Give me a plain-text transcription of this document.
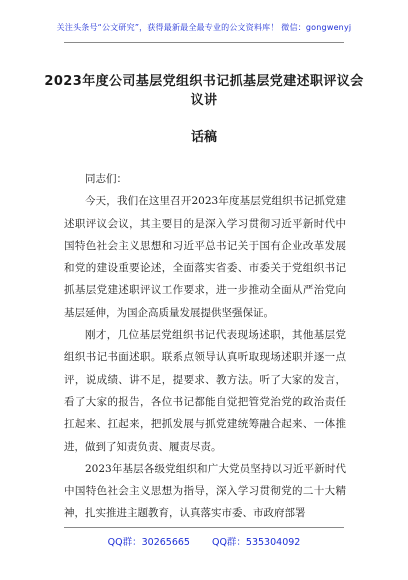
关注头条号“公文研究”，获得最新最全最专业的公文资料库！ 微信：gongwenyj
2023年度公司基层党组织书记抓基层党建述职评议会议讲
话稿

同志们：

今天，我们在这里召开2023年度基层党组织书记抓党建述职评议会议，其主要目的是深入学习贯彻习近平新时代中国特色社会主义思想和习近平总书记关于国有企业改革发展和党的建设重要论述，全面落实省委、市委关于党组织书记抓基层党建述职评议工作要求，进一步推动全面从严治党向基层延伸，为国企高质量发展提供坚强保证。

刚才，几位基层党组织书记代表现场述职，其他基层党组织书记书面述职。联系点领导认真听取现场述职并逐一点评，说成绩、讲不足，提要求、教方法。听了大家的发言，看了大家的报告，各位书记都能自觉把管党治党的政治责任扛起来、扛起来，把抓发展与抓党建统筹融合起来、一体推进，做到了知责负责、履责尽责。

2023年基层各级党组织和广大党员坚持以习近平新时代中国特色社会主义思想为指导，深入学习贯彻党的二十大精神，扎实推进主题教育，认真落实市委、市政府部署

QQ群：30265665 QQ群：535304092
